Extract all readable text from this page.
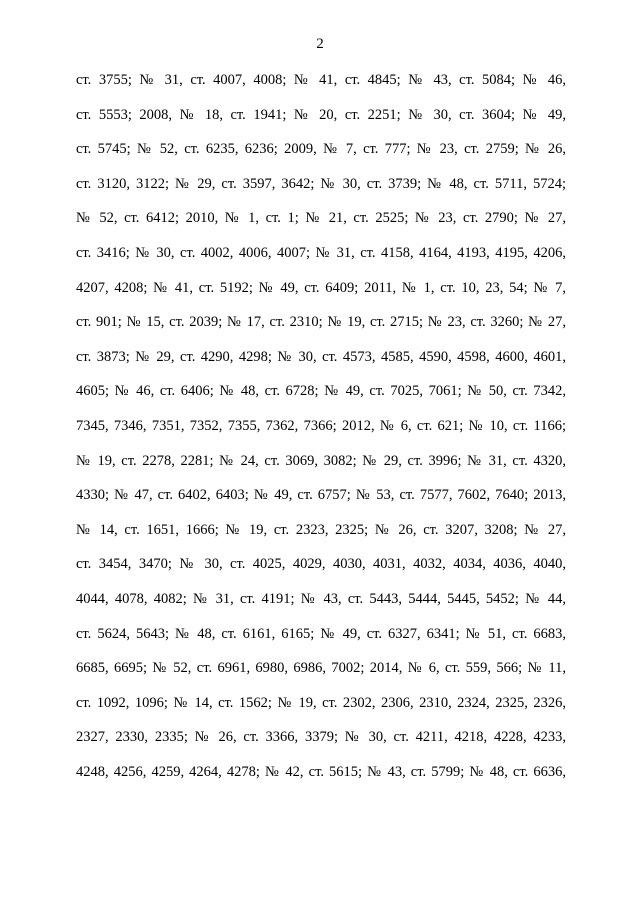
2
ст. 3755; № 31, ст. 4007, 4008; № 41, ст. 4845; № 43, ст. 5084; № 46,
ст. 5553; 2008, № 18, ст. 1941; № 20, ст. 2251; № 30, ст. 3604; № 49,
ст. 5745; № 52, ст. 6235, 6236; 2009, № 7, ст. 777; № 23, ст. 2759; № 26,
ст. 3120, 3122; № 29, ст. 3597, 3642; № 30, ст. 3739; № 48, ст. 5711, 5724;
№ 52, ст. 6412; 2010, № 1, ст. 1; № 21, ст. 2525; № 23, ст. 2790; № 27,
ст. 3416; № 30, ст. 4002, 4006, 4007; № 31, ст. 4158, 4164, 4193, 4195, 4206,
4207, 4208; № 41, ст. 5192; № 49, ст. 6409; 2011, № 1, ст. 10, 23, 54; № 7,
ст. 901; № 15, ст. 2039; № 17, ст. 2310; № 19, ст. 2715; № 23, ст. 3260; № 27,
ст. 3873; № 29, ст. 4290, 4298; № 30, ст. 4573, 4585, 4590, 4598, 4600, 4601,
4605; № 46, ст. 6406; № 48, ст. 6728; № 49, ст. 7025, 7061; № 50, ст. 7342,
7345, 7346, 7351, 7352, 7355, 7362, 7366; 2012, № 6, ст. 621; № 10, ст. 1166;
№ 19, ст. 2278, 2281; № 24, ст. 3069, 3082; № 29, ст. 3996; № 31, ст. 4320,
4330; № 47, ст. 6402, 6403; № 49, ст. 6757; № 53, ст. 7577, 7602, 7640; 2013,
№ 14, ст. 1651, 1666; № 19, ст. 2323, 2325; № 26, ст. 3207, 3208; № 27,
ст. 3454, 3470; № 30, ст. 4025, 4029, 4030, 4031, 4032, 4034, 4036, 4040,
4044, 4078, 4082; № 31, ст. 4191; № 43, ст. 5443, 5444, 5445, 5452; № 44,
ст. 5624, 5643; № 48, ст. 6161, 6165; № 49, ст. 6327, 6341; № 51, ст. 6683,
6685, 6695; № 52, ст. 6961, 6980, 6986, 7002; 2014, № 6, ст. 559, 566; № 11,
ст. 1092, 1096; № 14, ст. 1562; № 19, ст. 2302, 2306, 2310, 2324, 2325, 2326,
2327, 2330, 2335; № 26, ст. 3366, 3379; № 30, ст. 4211, 4218, 4228, 4233,
4248, 4256, 4259, 4264, 4278; № 42, ст. 5615; № 43, ст. 5799; № 48, ст. 6636,
